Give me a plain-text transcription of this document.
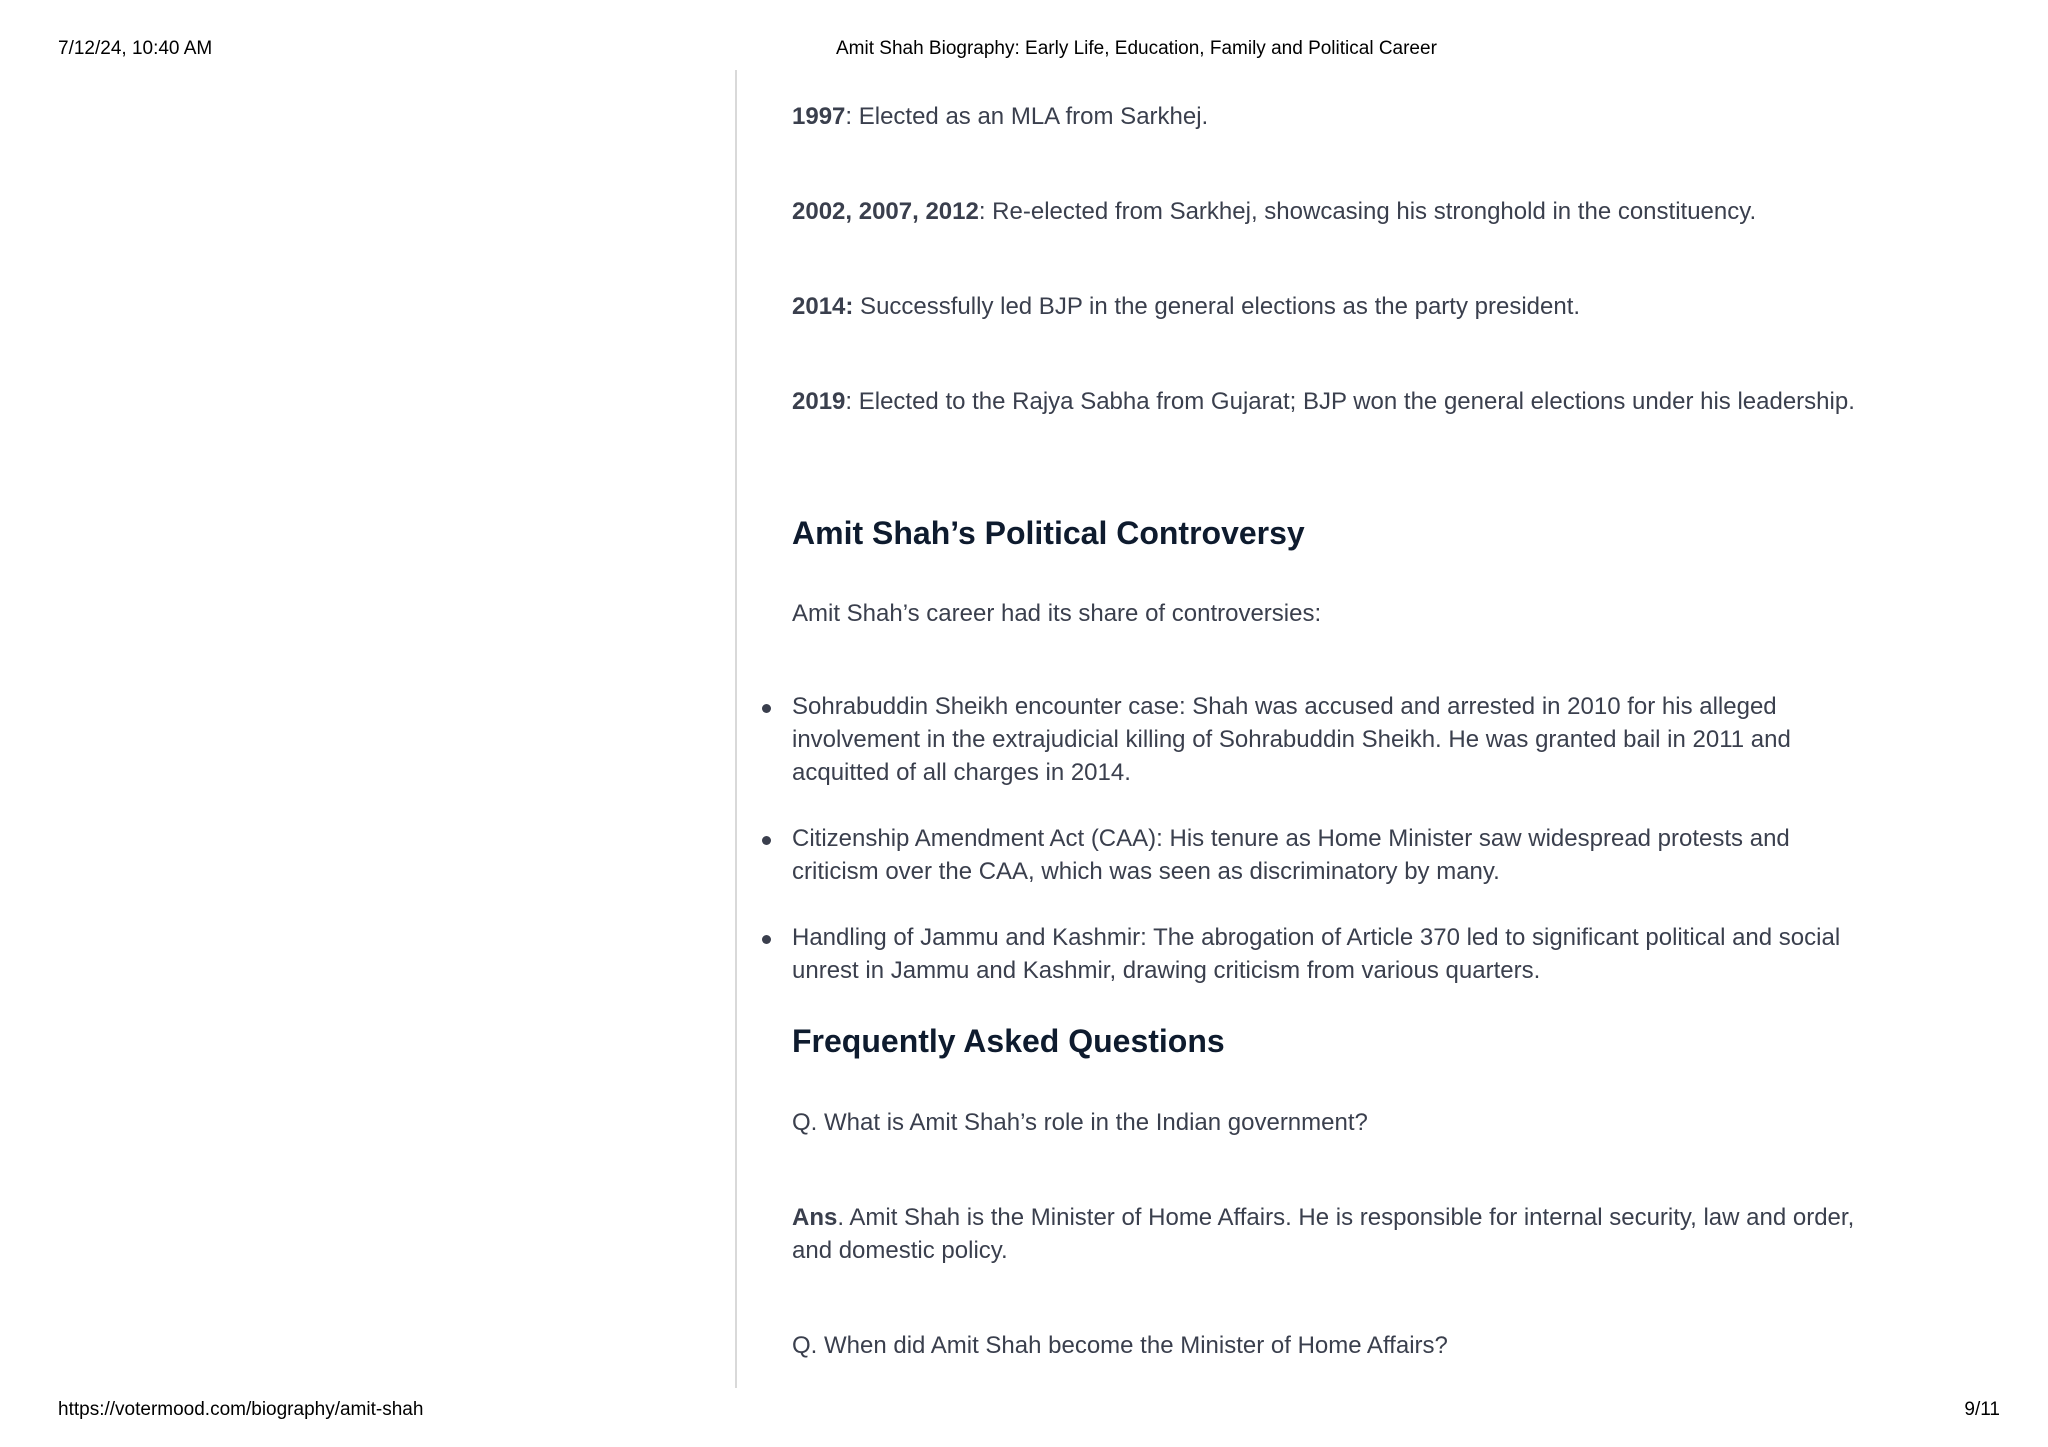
7/12/24, 10:40 AM	Amit Shah Biography: Early Life, Education, Family and Political Career

1997: Elected as an MLA from Sarkhej.

2002, 2007, 2012: Re-elected from Sarkhej, showcasing his stronghold in the constituency.

2014: Successfully led BJP in the general elections as the party president.

2019: Elected to the Rajya Sabha from Gujarat; BJP won the general elections under his leadership.

Amit Shah’s Political Controversy

Amit Shah’s career had its share of controversies:

Sohrabuddin Sheikh encounter case: Shah was accused and arrested in 2010 for his alleged involvement in the extrajudicial killing of Sohrabuddin Sheikh. He was granted bail in 2011 and acquitted of all charges in 2014.
Citizenship Amendment Act (CAA): His tenure as Home Minister saw widespread protests and criticism over the CAA, which was seen as discriminatory by many.
Handling of Jammu and Kashmir: The abrogation of Article 370 led to significant political and social unrest in Jammu and Kashmir, drawing criticism from various quarters.
Frequently Asked Questions

Q. What is Amit Shah’s role in the Indian government?

Ans. Amit Shah is the Minister of Home Affairs. He is responsible for internal security, law and order, and domestic policy.

Q. When did Amit Shah become the Minister of Home Affairs?

https://votermood.com/biography/amit-shah	9/11
